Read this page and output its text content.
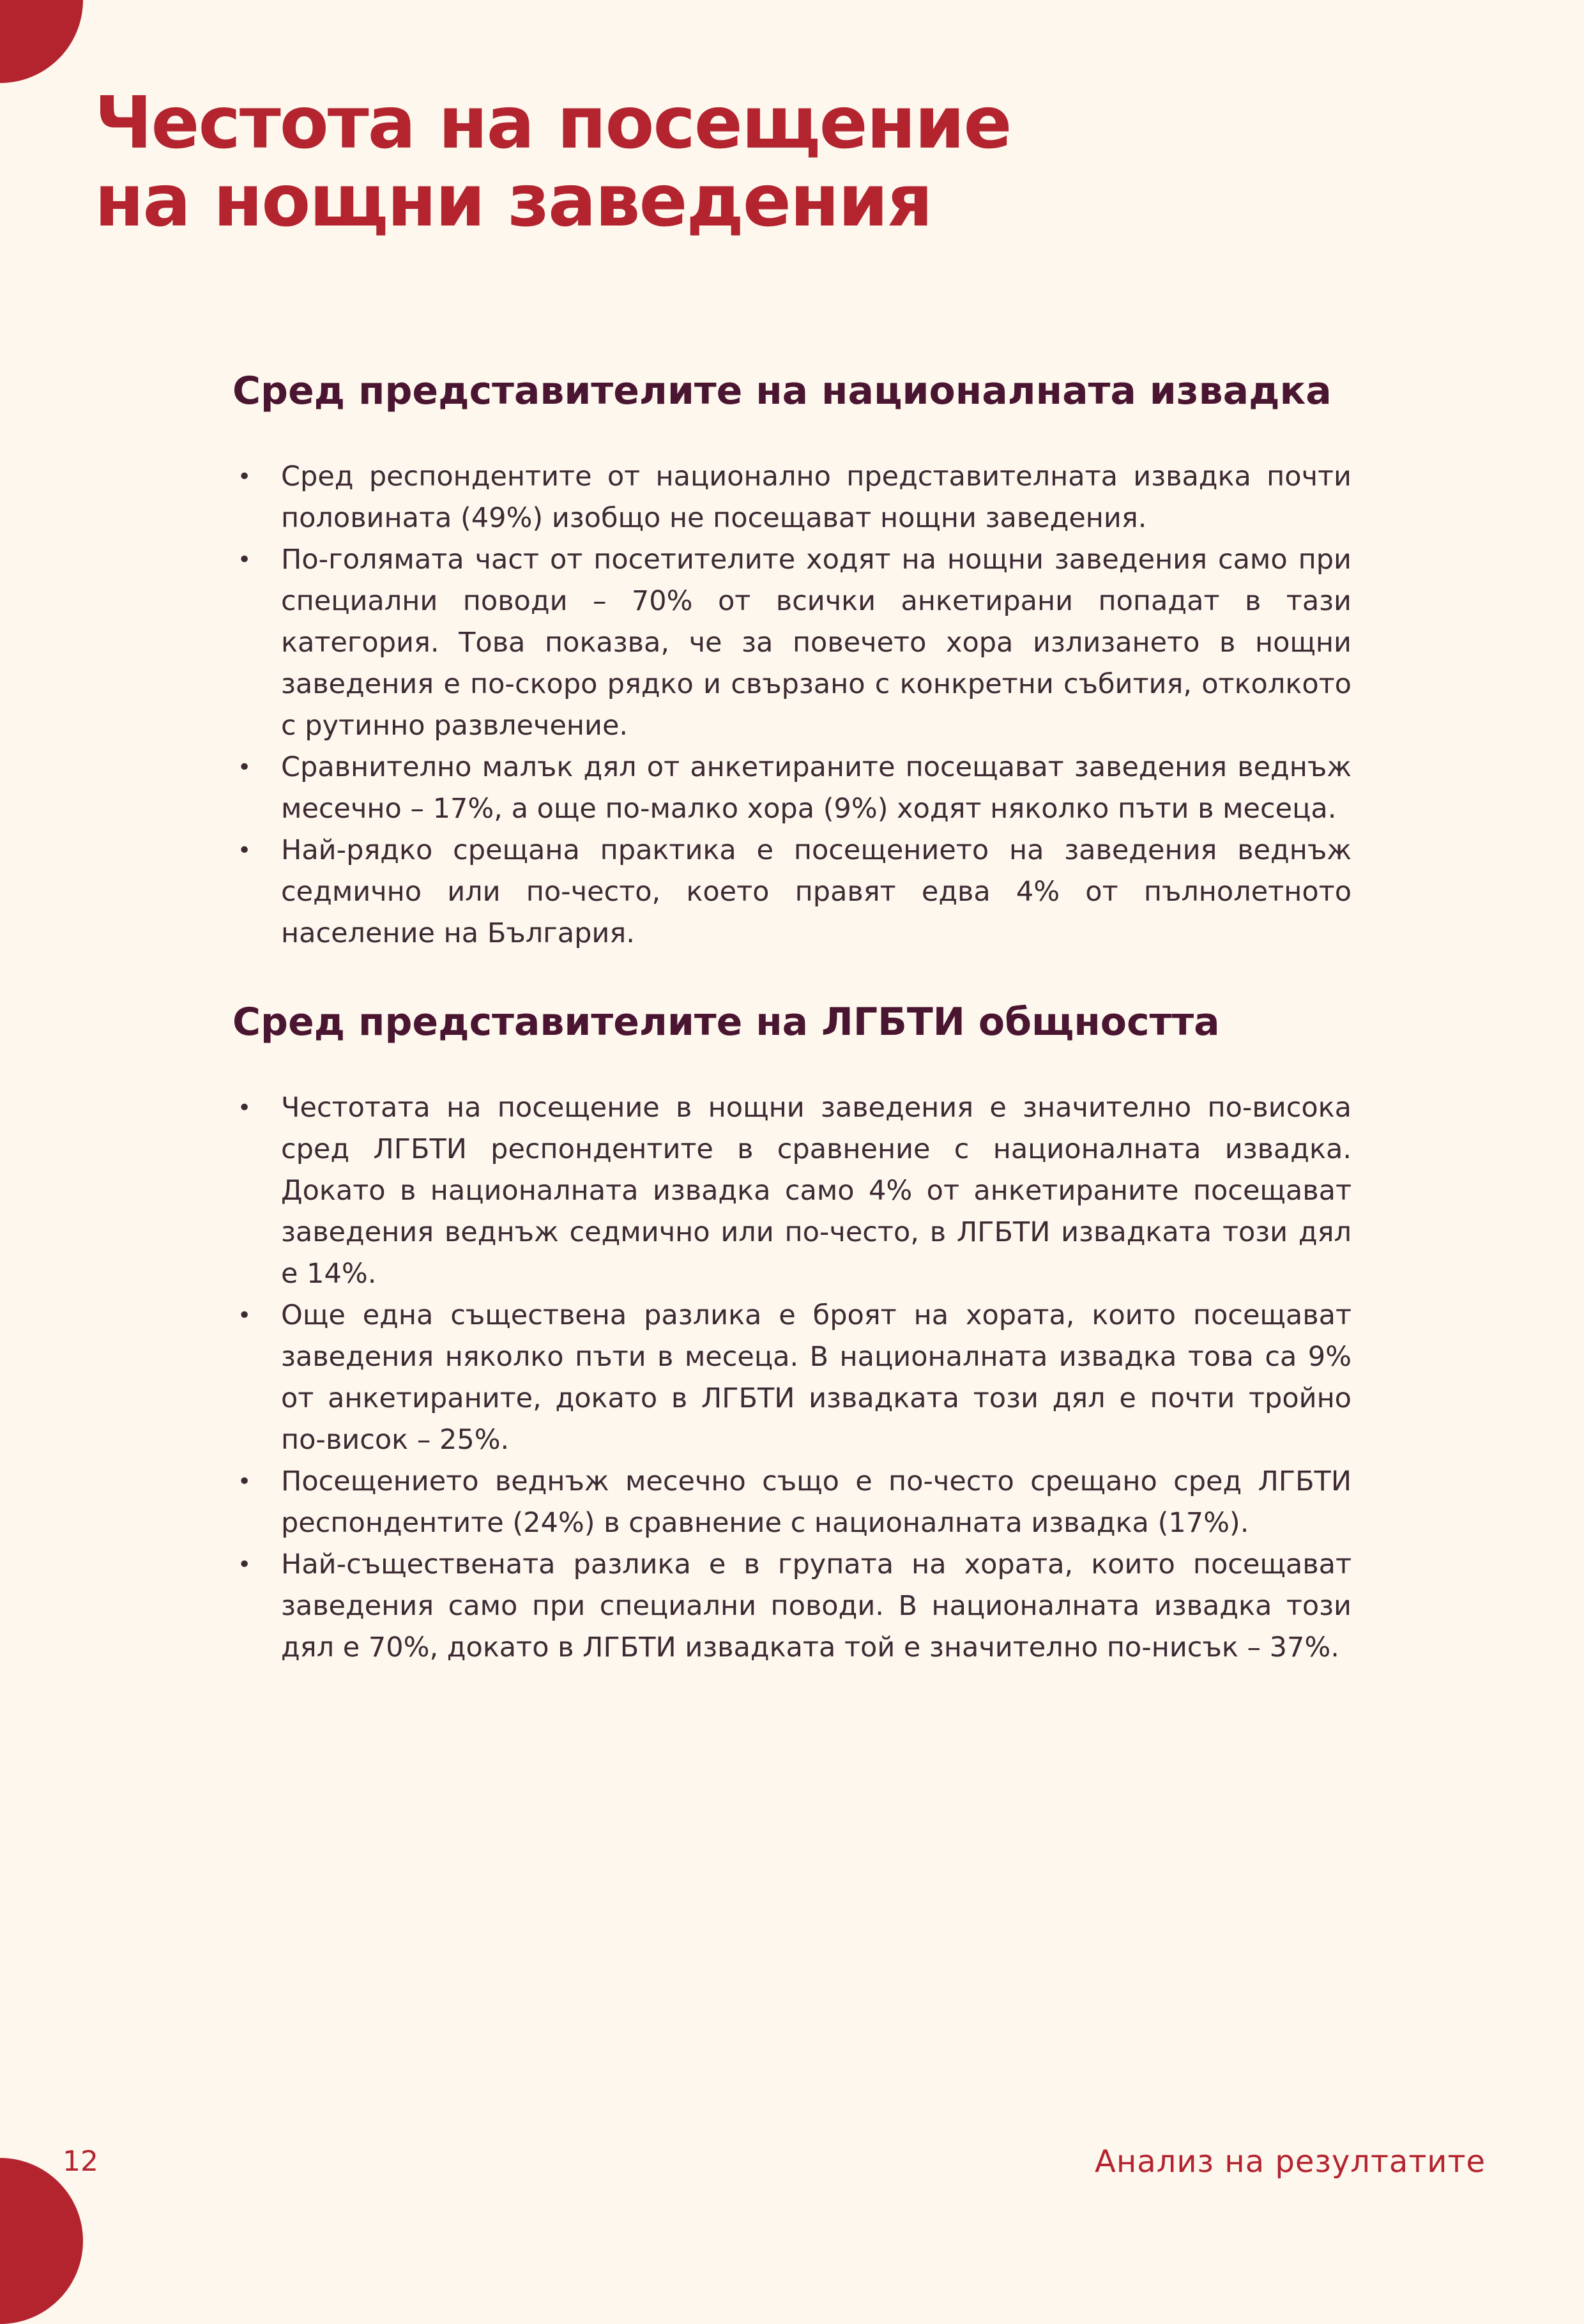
Честота на посещение
на нощни заведения
Сред представителите на националната извадка
• Сред респондентите от национално представителната извадка почти половината (49%) изобщо не посещават нощни заведения.
• По-голямата част от посетителите ходят на нощни заведения само при специални поводи – 70% от всички анкетирани попадат в тази категория. Това показва, че за повечето хора излизането в нощни заведения е по-скоро рядко и свързано с конкретни събития, отколкото с рутинно развлечение.
• Сравнително малък дял от анкетираните посещават заведения веднъж месечно – 17%, а още по-малко хора (9%) ходят няколко пъти в месеца.
• Най-рядко срещана практика е посещението на заведения веднъж седмично или по-често, което правят едва 4% от пълнолетното население на България.
Сред представителите на ЛГБТИ общността
• Честотата на посещение в нощни заведения е значително по-висока сред ЛГБТИ респондентите в сравнение с националната извадка. Докато в националната извадка само 4% от анкетираните посещават заведения веднъж седмично или по-често, в ЛГБТИ извадката този дял е 14%.
• Още една съществена разлика е броят на хората, които посещават заведения няколко пъти в месеца. В националната извадка това са 9% от анкетираните, докато в ЛГБТИ извадката този дял е почти тройно по-висок – 25%.
• Посещението веднъж месечно също е по-често срещано сред ЛГБТИ респондентите (24%) в сравнение с националната извадка (17%).
• Най-съществената разлика е в групата на хората, които посещават заведения само при специални поводи. В националната извадка този дял е 70%, докато в ЛГБТИ извадката той е значително по-нисък – 37%.
12	Анализ на резултатите
